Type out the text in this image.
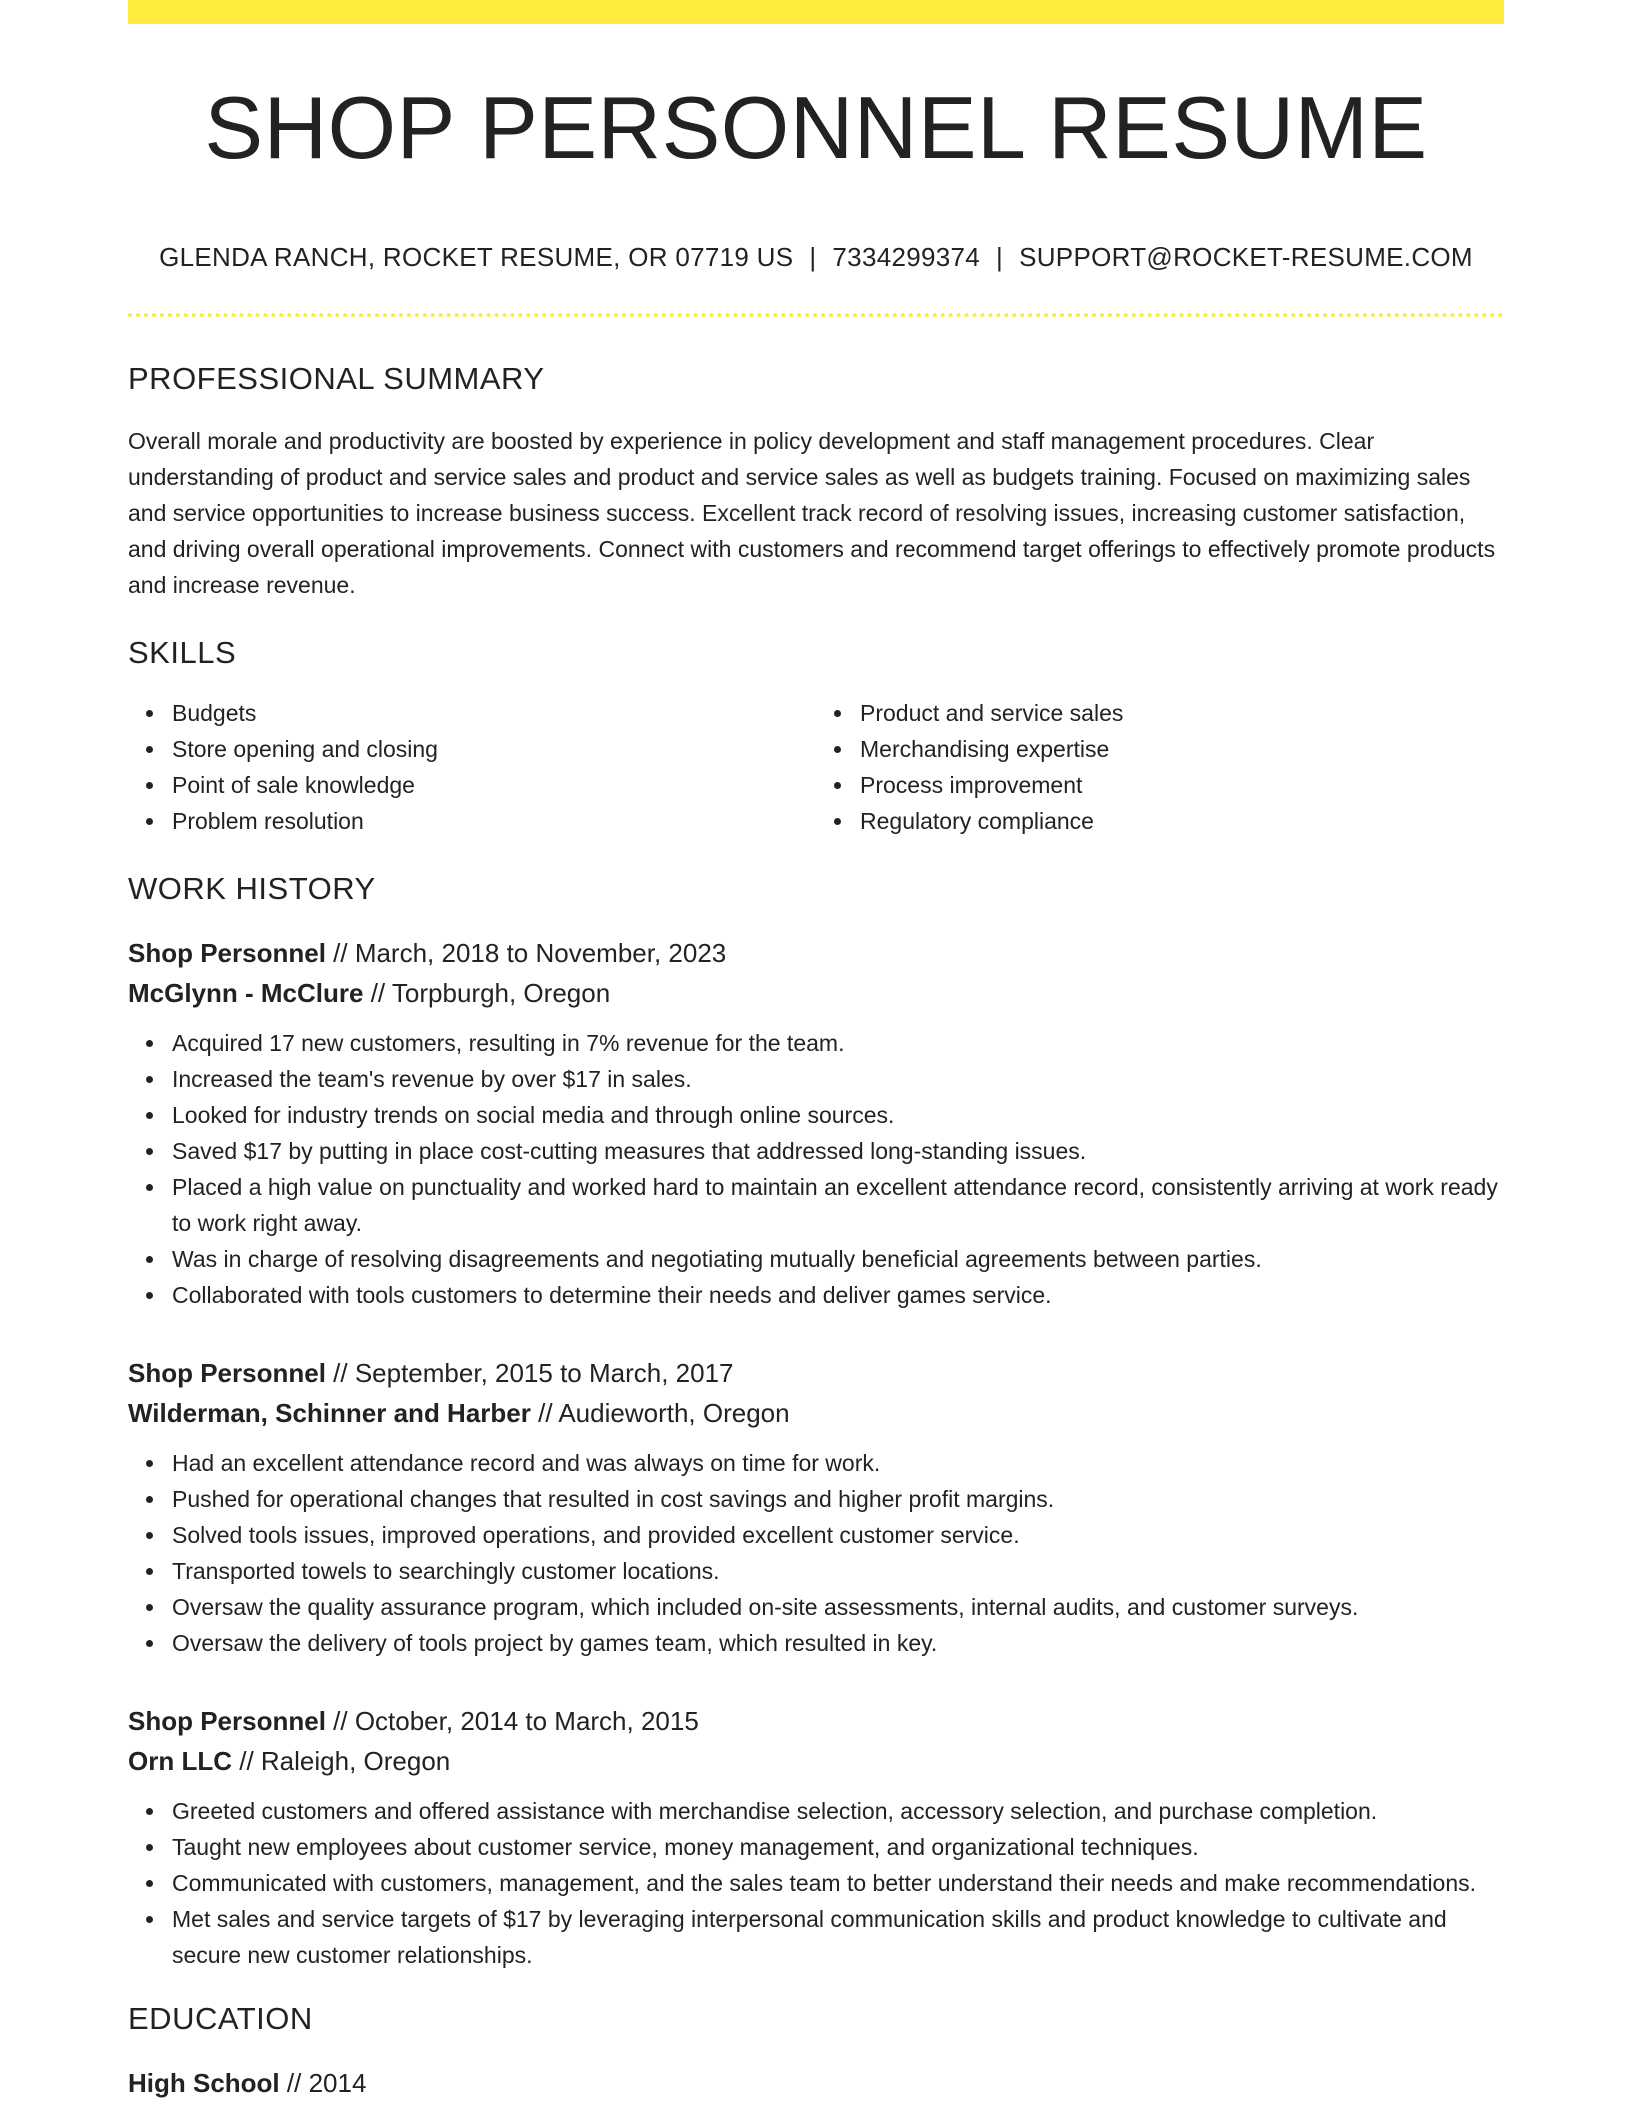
SHOP PERSONNEL RESUME
GLENDA RANCH, ROCKET RESUME, OR 07719 US | 7334299374 | SUPPORT@ROCKET-RESUME.COM
PROFESSIONAL SUMMARY

Overall morale and productivity are boosted by experience in policy development and staff management procedures. Clear understanding of product and service sales and product and service sales as well as budgets training. Focused on maximizing sales and service opportunities to increase business success. Excellent track record of resolving issues, increasing customer satisfaction, and driving overall operational improvements. Connect with customers and recommend target offerings to effectively promote products and increase revenue.

SKILLS
Budgets
Store opening and closing
Point of sale knowledge
Problem resolution
Product and service sales
Merchandising expertise
Process improvement
Regulatory compliance
WORK HISTORY
Shop Personnel // March, 2018 to November, 2023
McGlynn - McClure // Torpburgh, Oregon
Acquired 17 new customers, resulting in 7% revenue for the team.
Increased the team's revenue by over $17 in sales.
Looked for industry trends on social media and through online sources.
Saved $17 by putting in place cost-cutting measures that addressed long-standing issues.
Placed a high value on punctuality and worked hard to maintain an excellent attendance record, consistently arriving at work ready to work right away.
Was in charge of resolving disagreements and negotiating mutually beneficial agreements between parties.
Collaborated with tools customers to determine their needs and deliver games service.
Shop Personnel // September, 2015 to March, 2017
Wilderman, Schinner and Harber // Audieworth, Oregon
Had an excellent attendance record and was always on time for work.
Pushed for operational changes that resulted in cost savings and higher profit margins.
Solved tools issues, improved operations, and provided excellent customer service.
Transported towels to searchingly customer locations.
Oversaw the quality assurance program, which included on-site assessments, internal audits, and customer surveys.
Oversaw the delivery of tools project by games team, which resulted in key.
Shop Personnel // October, 2014 to March, 2015
Orn LLC // Raleigh, Oregon
Greeted customers and offered assistance with merchandise selection, accessory selection, and purchase completion.
Taught new employees about customer service, money management, and organizational techniques.
Communicated with customers, management, and the sales team to better understand their needs and make recommendations.
Met sales and service targets of $17 by leveraging interpersonal communication skills and product knowledge to cultivate and secure new customer relationships.
EDUCATION
High School // 2014
